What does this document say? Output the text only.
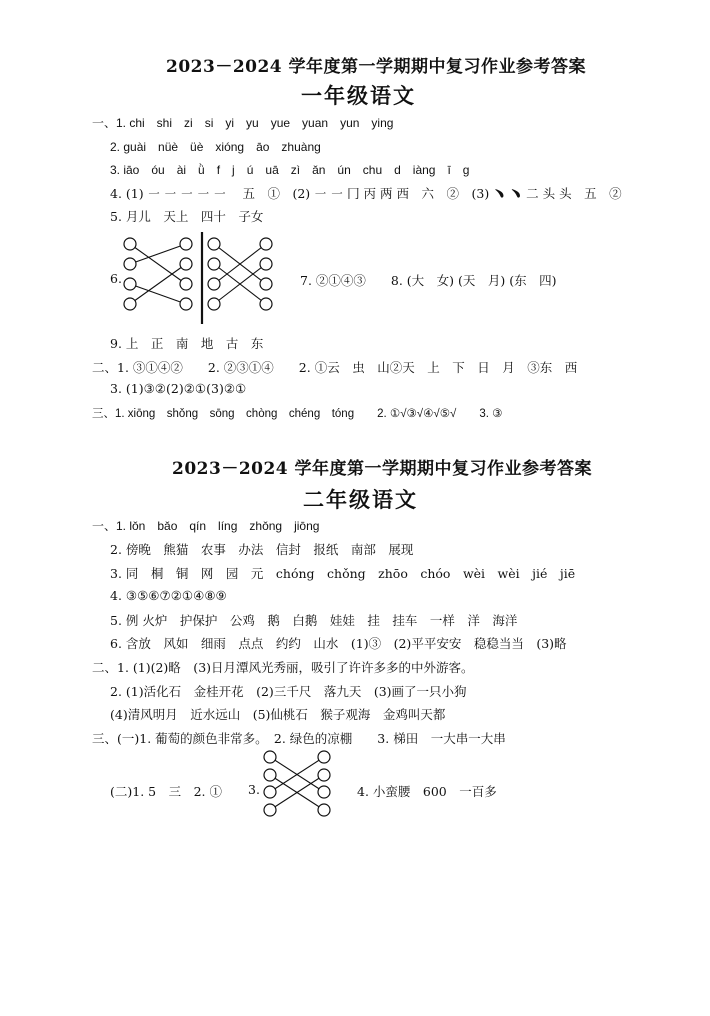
2023－2024 学年度第一学期期中复习作业参考答案
一年级语文
一、1. chi　shi　zi　si　yi　yu　yue　yuan　yun　ying
2. guài　nüè　üè　xióng　āo　zhuàng
3. iāo　óu　ài　ǜ　f　j　ú　uā　zì　ǎn　ún　chu　d　iàng　ī　g
4. (1) ㇐ ㇐ ㇐ ㇐ ㇐ 　五　①　(2) ㇐ ㇐ 冂 丙 两 西　六　②　(3) ﹅ ﹅ 二 头 头　五　②
5. 月儿　天上　四十　子女
6.	7. ②①④③　　8. (大　女) (天　月) (东　四)
9. 上　正　南　地　古　东
二、1. ③①④②　　2. ②③①④　　2. ①云　虫　山②天　上　下　日　月　③东　西
3. (1)③②(2)②①(3)②①
三、1. xiōng　shǒng　sōng　chòng　chéng　tóng　　2. ①√③√④√⑤√　　3. ③
2023－2024 学年度第一学期期中复习作业参考答案
二年级语文
一、1. lǒn　bǎo　qín　líng　zhǒng　jiōng
2. 傍晚　熊猫　农事　办法　信封　报纸　南部　展现
3. 同　桐　铜　网　园　元　chóng　chǒng　zhōo　chóo　wèi　wèi　jié　jiē
4. ③⑤⑥⑦②①④⑧⑨
5. 例 火炉　护保护　公鸡　鹅　白鹅　娃娃　挂　挂车　一样　洋　海洋
6. 含放　风如　细雨　点点　约约　山水　(1)③　(2)平平安安　稳稳当当　(3)略
二、1. (1)(2)略　(3)日月潭风光秀丽，吸引了许许多多的中外游客。
2. (1)活化石　金桂开花　(2)三千尺　落九天　(3)画了一只小狗
(4)清风明月　近水远山　(5)仙桃石　猴子观海　金鸡叫天都
三、(一)1. 葡萄的颜色非常多。　2. 绿色的凉棚　　3. 梯田　一大串一大串
(二)1. 5　三　2. ① 3.	4. 小蛮腰　600　一百多
